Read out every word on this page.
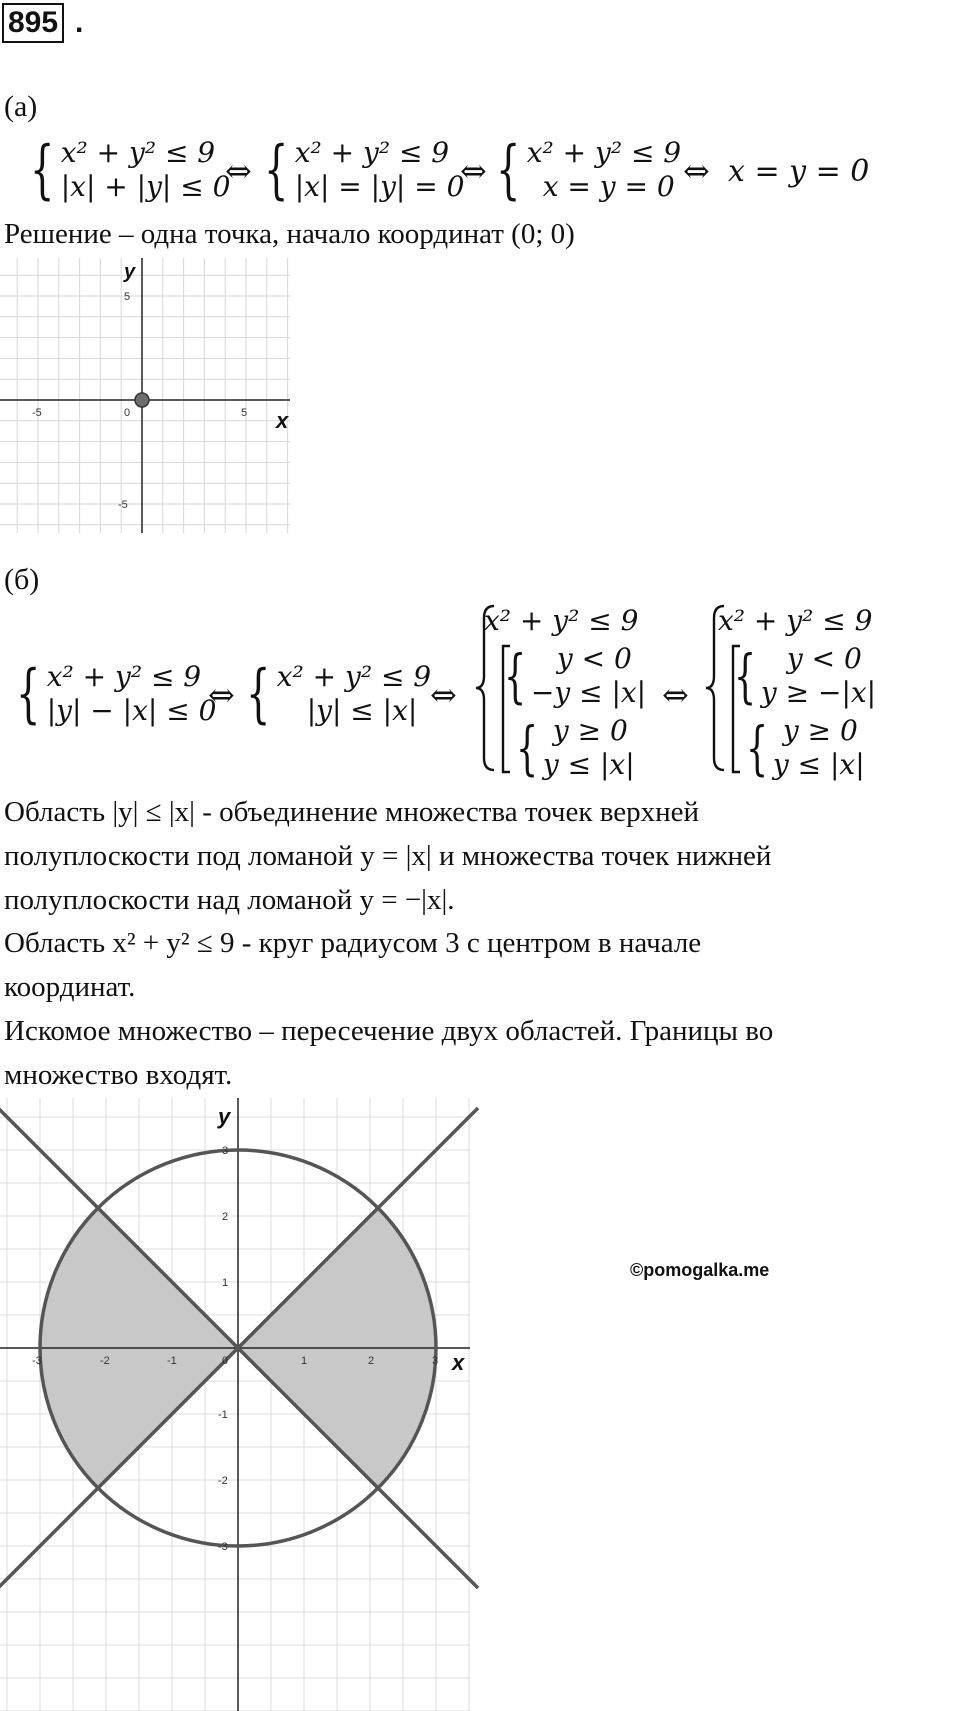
895 .
(а)
{ x² + y² ≤ 9
|x| + |y| ≤ 0
⇔ { x² + y² ≤ 9
|x| = |y| = 0
⇔ { x² + y² ≤ 9
x = y = 0 ⇔ x = y = 0
Решение – одна точка, начало координат (0; 0)
-5	0	5
5
-5
y
x
(б)
{ x² + y² ≤ 9
|y| − |x| ≤ 0
⇔ { x² + y² ≤ 9
|y| ≤ |x| ⇔
x² + y² ≤ 9
{	y < 0
−y ≤ |x|
{ y ≥ 0
y ≤ |x|
⇔
x² + y² ≤ 9
{	y < 0
y ≥ −|x|
{ y ≥ 0
y ≤ |x|
Область |y| ≤ |x| - объединение множества точек верхней
полуплоскости под ломаной y = |x| и множества точек нижней
полуплоскости над ломаной y = −|x|.
Область x² + y² ≤ 9 - круг радиусом 3 с центром в начале
координат.
Искомое множество – пересечение двух областей. Границы во
множество входят.
-3	-2	-1	0	1	2	3
3
2
1
-1
-2
-3
y
x
©pomogalka.me
